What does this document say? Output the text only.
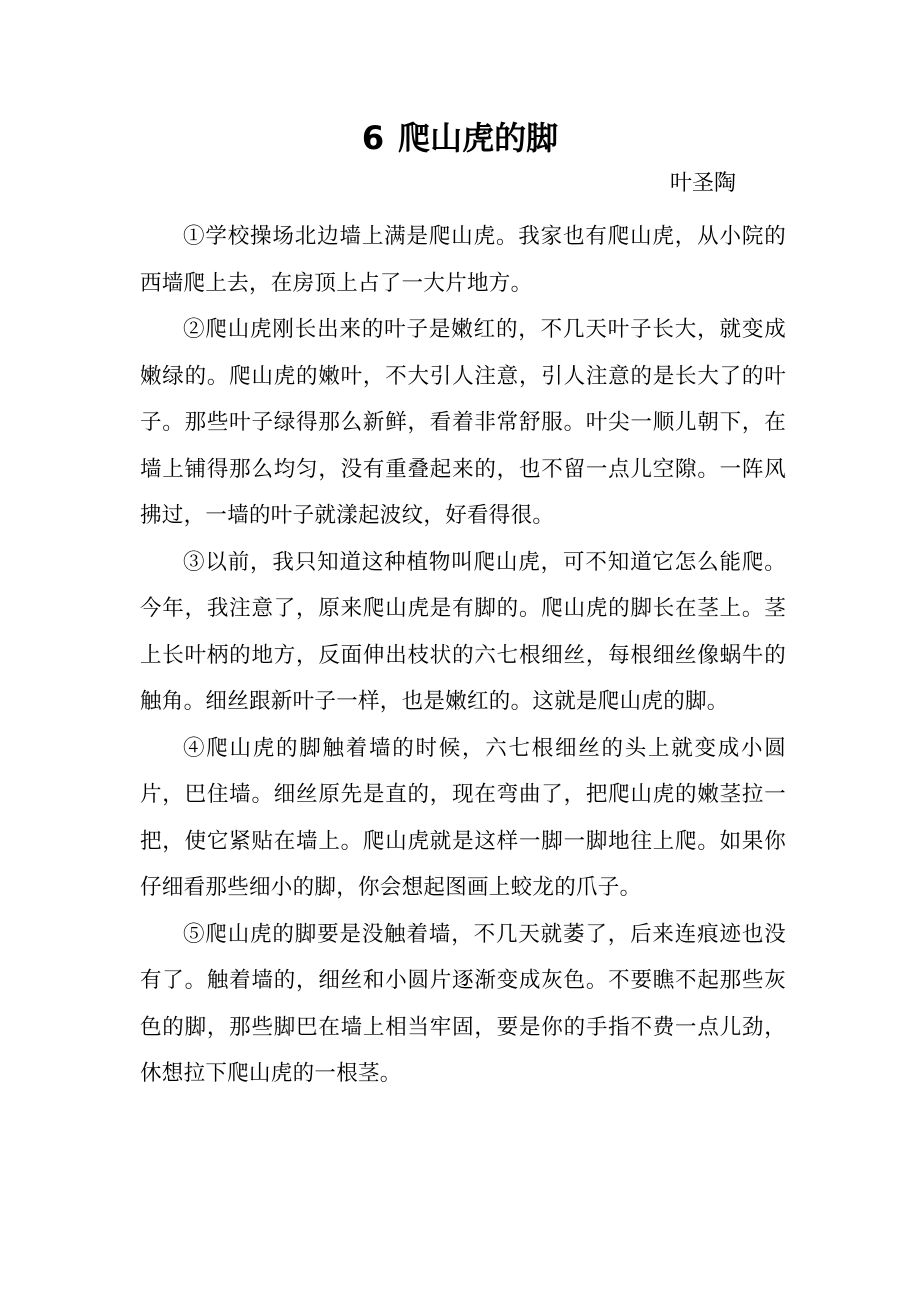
6 爬山虎的脚

叶圣陶

①学校操场北边墙上满是爬山虎。我家也有爬山虎，从小院的西墙爬上去，在房顶上占了一大片地方。

②爬山虎刚长出来的叶子是嫩红的，不几天叶子长大，就变成嫩绿的。爬山虎的嫩叶，不大引人注意，引人注意的是长大了的叶子。那些叶子绿得那么新鲜，看着非常舒服。叶尖一顺儿朝下，在墙上铺得那么均匀，没有重叠起来的，也不留一点儿空隙。一阵风拂过，一墙的叶子就漾起波纹，好看得很。

③以前，我只知道这种植物叫爬山虎，可不知道它怎么能爬。今年，我注意了，原来爬山虎是有脚的。爬山虎的脚长在茎上。茎上长叶柄的地方，反面伸出枝状的六七根细丝，每根细丝像蜗牛的触角。细丝跟新叶子一样，也是嫩红的。这就是爬山虎的脚。

④爬山虎的脚触着墙的时候，六七根细丝的头上就变成小圆片，巴住墙。细丝原先是直的，现在弯曲了，把爬山虎的嫩茎拉一把，使它紧贴在墙上。爬山虎就是这样一脚一脚地往上爬。如果你仔细看那些细小的脚，你会想起图画上蛟龙的爪子。

⑤爬山虎的脚要是没触着墙，不几天就萎了，后来连痕迹也没有了。触着墙的，细丝和小圆片逐渐变成灰色。不要瞧不起那些灰色的脚，那些脚巴在墙上相当牢固，要是你的手指不费一点儿劲，休想拉下爬山虎的一根茎。
